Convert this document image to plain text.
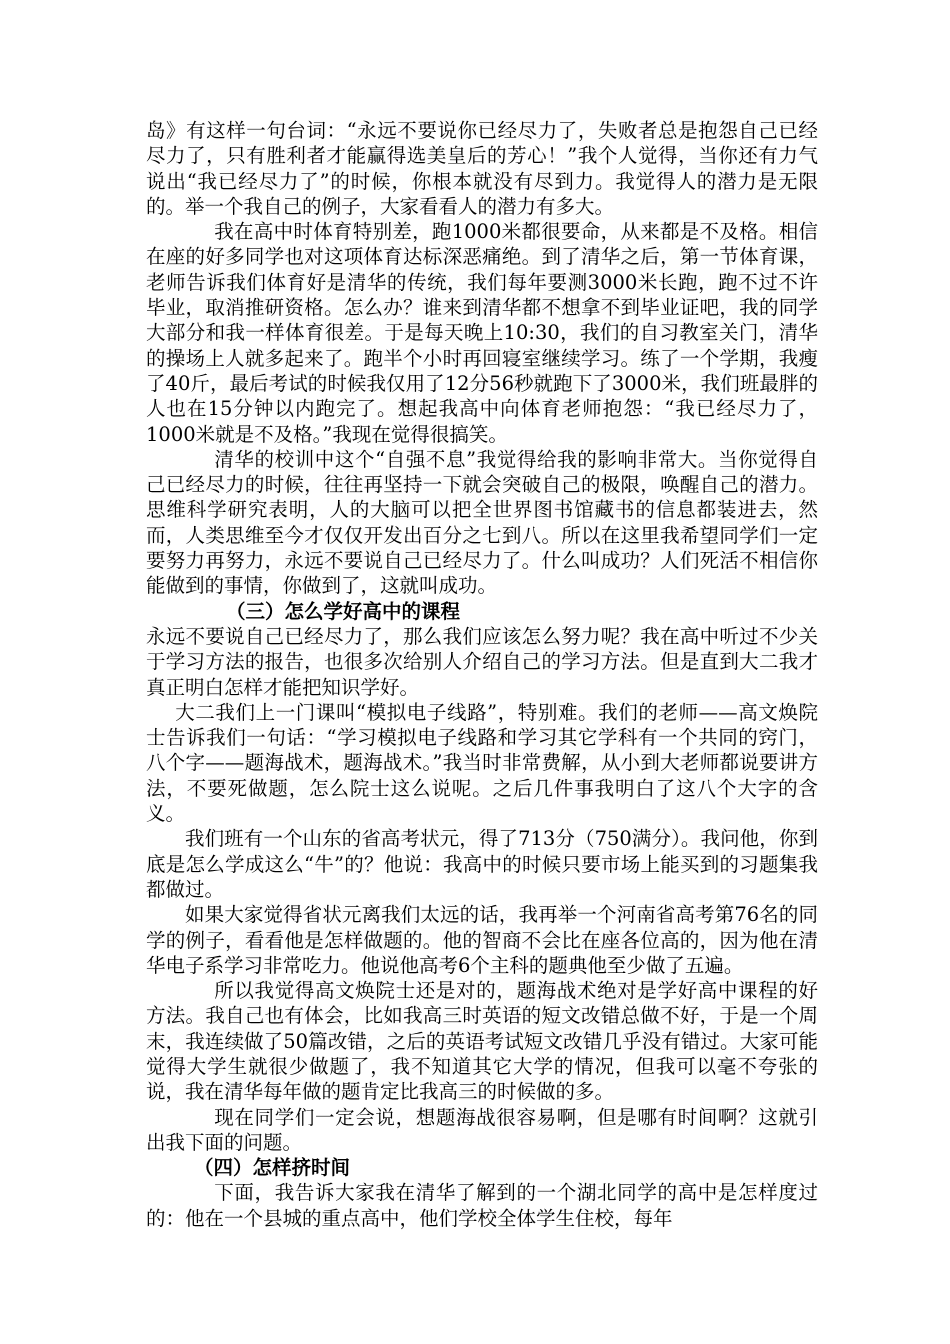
岛》有这样一句台词：“永远不要说你已经尽力了，失败者总是抱怨自己已经尽力了，只有胜利者才能赢得选美皇后的芳心！”我个人觉得，当你还有力气说出“我已经尽力了”的时候，你根本就没有尽到力。我觉得人的潜力是无限的。举一个我自己的例子，大家看看人的潜力有多大。

我在高中时体育特别差，跑1000米都很要命，从来都是不及格。相信在座的好多同学也对这项体育达标深恶痛绝。到了清华之后，第一节体育课，老师告诉我们体育好是清华的传统，我们每年要测3000米长跑，跑不过不许毕业，取消推研资格。怎么办？谁来到清华都不想拿不到毕业证吧，我的同学大部分和我一样体育很差。于是每天晚上10:30，我们的自习教室关门，清华的操场上人就多起来了。跑半个小时再回寝室继续学习。练了一个学期，我瘦了40斤，最后考试的时候我仅用了12分56秒就跑下了3000米，我们班最胖的人也在15分钟以内跑完了。想起我高中向体育老师抱怨：“我已经尽力了，1000米就是不及格。”我现在觉得很搞笑。

清华的校训中这个“自强不息”我觉得给我的影响非常大。当你觉得自己已经尽力的时候，往往再坚持一下就会突破自己的极限，唤醒自己的潜力。思维科学研究表明，人的大脑可以把全世界图书馆藏书的信息都装进去，然而，人类思维至今才仅仅开发出百分之七到八。所以在这里我希望同学们一定要努力再努力，永远不要说自己已经尽力了。什么叫成功？人们死活不相信你能做到的事情，你做到了，这就叫成功。

（三）怎么学好高中的课程

永远不要说自己已经尽力了，那么我们应该怎么努力呢？我在高中听过不少关于学习方法的报告，也很多次给别人介绍自己的学习方法。但是直到大二我才真正明白怎样才能把知识学好。

大二我们上一门课叫“模拟电子线路”，特别难。我们的老师——高文焕院士告诉我们一句话：“学习模拟电子线路和学习其它学科有一个共同的窍门，八个字——题海战术，题海战术。”我当时非常费解，从小到大老师都说要讲方法，不要死做题，怎么院士这么说呢。之后几件事我明白了这八个大字的含义。

我们班有一个山东的省高考状元，得了713分（750满分）。我问他，你到底是怎么学成这么“牛”的？他说：我高中的时候只要市场上能买到的习题集我都做过。

如果大家觉得省状元离我们太远的话，我再举一个河南省高考第76名的同学的例子，看看他是怎样做题的。他的智商不会比在座各位高的，因为他在清华电子系学习非常吃力。他说他高考6个主科的题典他至少做了五遍。

所以我觉得高文焕院士还是对的，题海战术绝对是学好高中课程的好方法。我自己也有体会，比如我高三时英语的短文改错总做不好，于是一个周末，我连续做了50篇改错，之后的英语考试短文改错几乎没有错过。大家可能觉得大学生就很少做题了，我不知道其它大学的情况，但我可以毫不夸张的说，我在清华每年做的题肯定比我高三的时候做的多。

现在同学们一定会说，想题海战很容易啊，但是哪有时间啊？这就引出我下面的问题。

（四）怎样挤时间

下面，我告诉大家我在清华了解到的一个湖北同学的高中是怎样度过的：他在一个县城的重点高中，他们学校全体学生住校，每年
